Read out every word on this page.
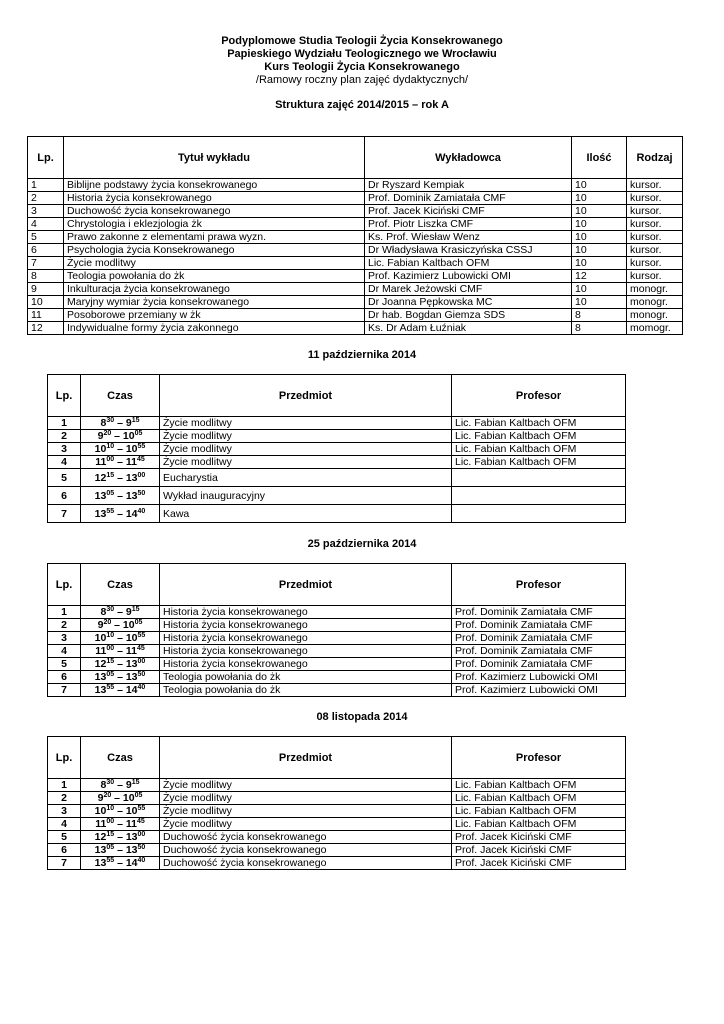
Podyplomowe Studia Teologii Życia Konsekrowanego
Papieskiego Wydziału Teologicznego we Wrocławiu
Kurs Teologii Życia Konsekrowanego
/Ramowy roczny plan zajęć dydaktycznych/
Struktura zajęć 2014/2015 – rok A
Lp.	Tytuł wykładu	Wykładowca	Ilość	Rodzaj
1	Biblijne podstawy życia konsekrowanego	Dr Ryszard Kempiak	10	kursor.
2	Historia życia konsekrowanego	Prof. Dominik Zamiatała CMF	10	kursor.
3	Duchowość życia konsekrowanego	Prof. Jacek Kiciński CMF	10	kursor.
4	Chrystologia i eklezjologia żk	Prof. Piotr Liszka CMF	10	kursor.
5	Prawo zakonne z elementami prawa wyzn.	Ks. Prof. Wiesław Wenz	10	kursor.
6	Psychologia życia Konsekrowanego	Dr Władysława Krasiczyńska CSSJ	10	kursor.
7	Życie modlitwy	Lic. Fabian Kaltbach OFM	10	kursor.
8	Teologia powołania do żk	Prof. Kazimierz Lubowicki OMI	12	kursor.
9	Inkulturacja życia konsekrowanego	Dr Marek Jeżowski CMF	10	monogr.
10	Maryjny wymiar życia konsekrowanego	Dr Joanna Pępkowska MC	10	monogr.
11	Posoborowe przemiany w żk	Dr hab. Bogdan Giemza SDS	8	monogr.
12	Indywidualne formy życia zakonnego	Ks. Dr Adam Łuźniak	8	momogr.
11 października 2014
Lp.	Czas	Przedmiot	Profesor
1	$8^{30} - 9^{15}$	Życie modlitwy	Lic. Fabian Kaltbach OFM
2	$9^{20} - 10^{05}$	Życie modlitwy	Lic. Fabian Kaltbach OFM
3	$10^{10} - 10^{55}$	Życie modlitwy	Lic. Fabian Kaltbach OFM
4	$11^{00} - 11^{45}$	Życie modlitwy	Lic. Fabian Kaltbach OFM
5	$12^{15} - 13^{00}$	Eucharystia	
6	$13^{05} - 13^{50}$	Wykład inauguracyjny	
7	$13^{55} - 14^{40}$	Kawa	
25 października 2014
Lp.	Czas	Przedmiot	Profesor
1	$8^{30} - 9^{15}$	Historia życia konsekrowanego	Prof. Dominik Zamiatała CMF
2	$9^{20} - 10^{05}$	Historia życia konsekrowanego	Prof. Dominik Zamiatała CMF
3	$10^{10} - 10^{55}$	Historia życia konsekrowanego	Prof. Dominik Zamiatała CMF
4	$11^{00} - 11^{45}$	Historia życia konsekrowanego	Prof. Dominik Zamiatała CMF
5	$12^{15} - 13^{00}$	Historia życia konsekrowanego	Prof. Dominik Zamiatała CMF
6	$13^{05} - 13^{50}$	Teologia powołania do żk	Prof. Kazimierz Lubowicki OMI
7	$13^{55} - 14^{40}$	Teologia powołania do żk	Prof. Kazimierz Lubowicki OMI
08 listopada 2014
Lp.	Czas	Przedmiot	Profesor
1	$8^{30} - 9^{15}$	Życie modlitwy	Lic. Fabian Kaltbach OFM
2	$9^{20} - 10^{05}$	Życie modlitwy	Lic. Fabian Kaltbach OFM
3	$10^{10} - 10^{55}$	Życie modlitwy	Lic. Fabian Kaltbach OFM
4	$11^{00} - 11^{45}$	Życie modlitwy	Lic. Fabian Kaltbach OFM
5	$12^{15} - 13^{00}$	Duchowość życia konsekrowanego	Prof. Jacek Kiciński CMF
6	$13^{05} - 13^{50}$	Duchowość życia konsekrowanego	Prof. Jacek Kiciński CMF
7	$13^{55} - 14^{40}$	Duchowość życia konsekrowanego	Prof. Jacek Kiciński CMF
